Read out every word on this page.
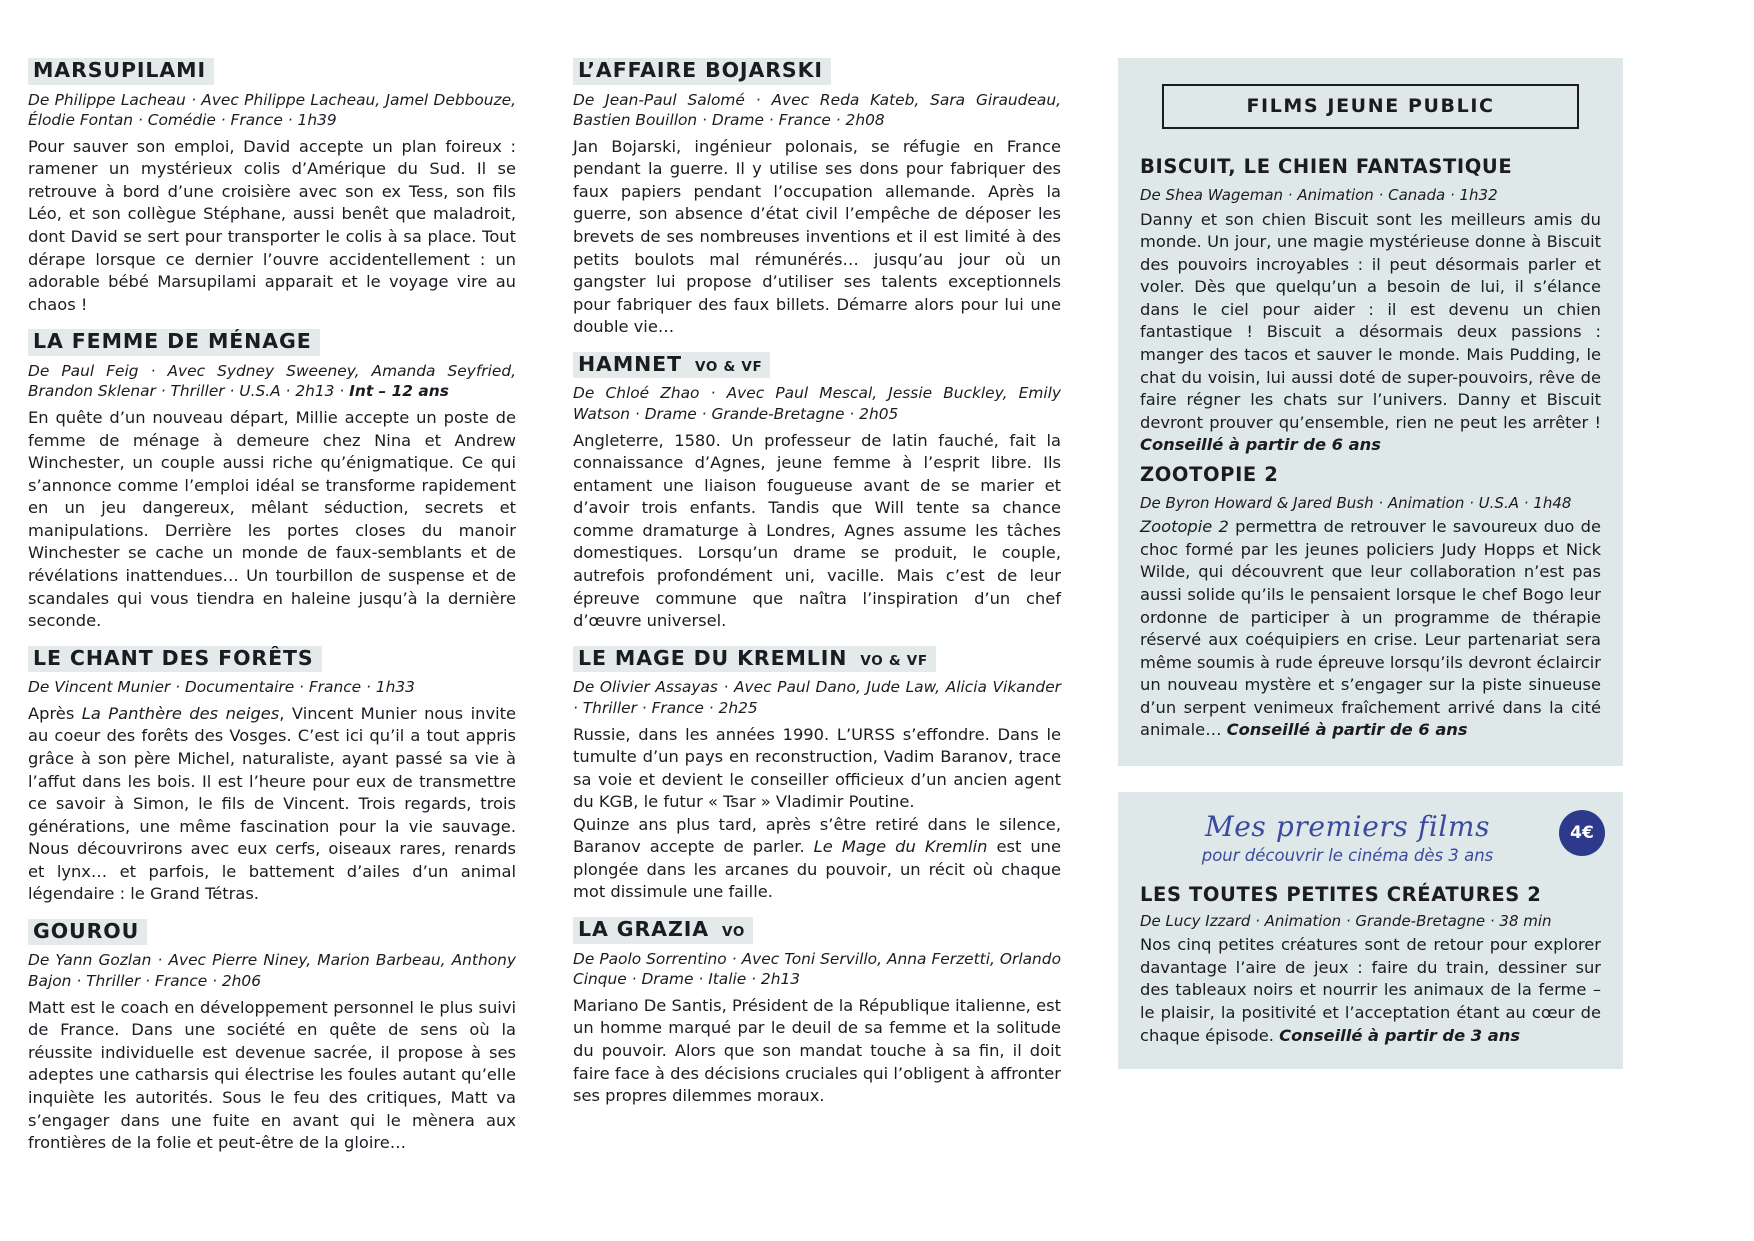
MARSUPILAMI
De Philippe Lacheau · Avec Philippe Lacheau, Jamel Debbouze, Élodie Fontan · Comédie · France · 1h39
Pour sauver son emploi, David accepte un plan foireux : ramener un mystérieux colis d’Amérique du Sud. Il se retrouve à bord d’une croisière avec son ex Tess, son fils Léo, et son collègue Stéphane, aussi benêt que maladroit, dont David se sert pour transporter le colis à sa place. Tout dérape lorsque ce dernier l’ouvre accidentellement : un adorable bébé Marsupilami apparait et le voyage vire au chaos !
LA FEMME DE MÉNAGE
De Paul Feig · Avec Sydney Sweeney, Amanda Seyfried, Brandon Sklenar · Thriller · U.S.A · 2h13 · Int – 12 ans
En quête d’un nouveau départ, Millie accepte un poste de femme de ménage à demeure chez Nina et Andrew Winchester, un couple aussi riche qu’énigmatique. Ce qui s’annonce comme l’emploi idéal se transforme rapidement en un jeu dangereux, mêlant séduction, secrets et manipulations. Derrière les portes closes du manoir Winchester se cache un monde de faux-semblants et de révélations inattendues… Un tourbillon de suspense et de scandales qui vous tiendra en haleine jusqu’à la dernière seconde.
LE CHANT DES FORÊTS
De Vincent Munier · Documentaire · France · 1h33
Après La Panthère des neiges, Vincent Munier nous invite au coeur des forêts des Vosges. C’est ici qu’il a tout appris grâce à son père Michel, naturaliste, ayant passé sa vie à l’affut dans les bois. Il est l’heure pour eux de transmettre ce savoir à Simon, le fils de Vincent. Trois regards, trois générations, une même fascination pour la vie sauvage. Nous découvrirons avec eux cerfs, oiseaux rares, renards et lynx… et parfois, le battement d’ailes d’un animal légendaire : le Grand Tétras.
GOUROU
De Yann Gozlan · Avec Pierre Niney, Marion Barbeau, Anthony Bajon · Thriller · France · 2h06
Matt est le coach en développement personnel le plus suivi de France. Dans une société en quête de sens où la réussite individuelle est devenue sacrée, il propose à ses adeptes une catharsis qui électrise les foules autant qu’elle inquiète les autorités. Sous le feu des critiques, Matt va s’engager dans une fuite en avant qui le mènera aux frontières de la folie et peut-être de la gloire…
L’AFFAIRE BOJARSKI
De Jean-Paul Salomé · Avec Reda Kateb, Sara Giraudeau, Bastien Bouillon · Drame · France · 2h08
Jan Bojarski, ingénieur polonais, se réfugie en France pendant la guerre. Il y utilise ses dons pour fabriquer des faux papiers pendant l’occupation allemande. Après la guerre, son absence d’état civil l’empêche de déposer les brevets de ses nombreuses inventions et il est limité à des petits boulots mal rémunérés… jusqu’au jour où un gangster lui propose d’utiliser ses talents exceptionnels pour fabriquer des faux billets. Démarre alors pour lui une double vie…
HAMNET VO & VF
De Chloé Zhao · Avec Paul Mescal, Jessie Buckley, Emily Watson · Drame · Grande-Bretagne · 2h05
Angleterre, 1580. Un professeur de latin fauché, fait la connaissance d’Agnes, jeune femme à l’esprit libre. Ils entament une liaison fougueuse avant de se marier et d’avoir trois enfants. Tandis que Will tente sa chance comme dramaturge à Londres, Agnes assume les tâches domestiques. Lorsqu’un drame se produit, le couple, autrefois profondément uni, vacille. Mais c’est de leur épreuve commune que naîtra l’inspiration d’un chef d’œuvre universel.
LE MAGE DU KREMLIN VO & VF
De Olivier Assayas · Avec Paul Dano, Jude Law, Alicia Vikander · Thriller · France · 2h25
Russie, dans les années 1990. L’URSS s’effondre. Dans le tumulte d’un pays en reconstruction, Vadim Baranov, trace sa voie et devient le conseiller officieux d’un ancien agent du KGB, le futur « Tsar » Vladimir Poutine.
Quinze ans plus tard, après s’être retiré dans le silence, Baranov accepte de parler. Le Mage du Kremlin est une plongée dans les arcanes du pouvoir, un récit où chaque mot dissimule une faille.
LA GRAZIA VO
De Paolo Sorrentino · Avec Toni Servillo, Anna Ferzetti, Orlando Cinque · Drame · Italie · 2h13
Mariano De Santis, Président de la République italienne, est un homme marqué par le deuil de sa femme et la solitude du pouvoir. Alors que son mandat touche à sa fin, il doit faire face à des décisions cruciales qui l’obligent à affronter ses propres dilemmes moraux.
FILMS JEUNE PUBLIC
BISCUIT, LE CHIEN FANTASTIQUE
De Shea Wageman · Animation · Canada · 1h32
Danny et son chien Biscuit sont les meilleurs amis du monde. Un jour, une magie mystérieuse donne à Biscuit des pouvoirs incroyables : il peut désormais parler et voler. Dès que quelqu’un a besoin de lui, il s’élance dans le ciel pour aider : il est devenu un chien fantastique ! Biscuit a désormais deux passions : manger des tacos et sauver le monde. Mais Pudding, le chat du voisin, lui aussi doté de super-pouvoirs, rêve de faire régner les chats sur l’univers. Danny et Biscuit devront prouver qu’ensemble, rien ne peut les arrêter ! Conseillé à partir de 6 ans
ZOOTOPIE 2
De Byron Howard & Jared Bush · Animation · U.S.A · 1h48
Zootopie 2 permettra de retrouver le savoureux duo de choc formé par les jeunes policiers Judy Hopps et Nick Wilde, qui découvrent que leur collaboration n’est pas aussi solide qu’ils le pensaient lorsque le chef Bogo leur ordonne de participer à un programme de thérapie réservé aux coéquipiers en crise. Leur partenariat sera même soumis à rude épreuve lorsqu’ils devront éclaircir un nouveau mystère et s’engager sur la piste sinueuse d’un serpent venimeux fraîchement arrivé dans la cité animale… Conseillé à partir de 6 ans
4€
Mes premiers films
pour découvrir le cinéma dès 3 ans
LES TOUTES PETITES CRÉATURES 2
De Lucy Izzard · Animation · Grande-Bretagne · 38 min
Nos cinq petites créatures sont de retour pour explorer davantage l’aire de jeux : faire du train, dessiner sur des tableaux noirs et nourrir les animaux de la ferme – le plaisir, la positivité et l’acceptation étant au cœur de chaque épisode. Conseillé à partir de 3 ans
